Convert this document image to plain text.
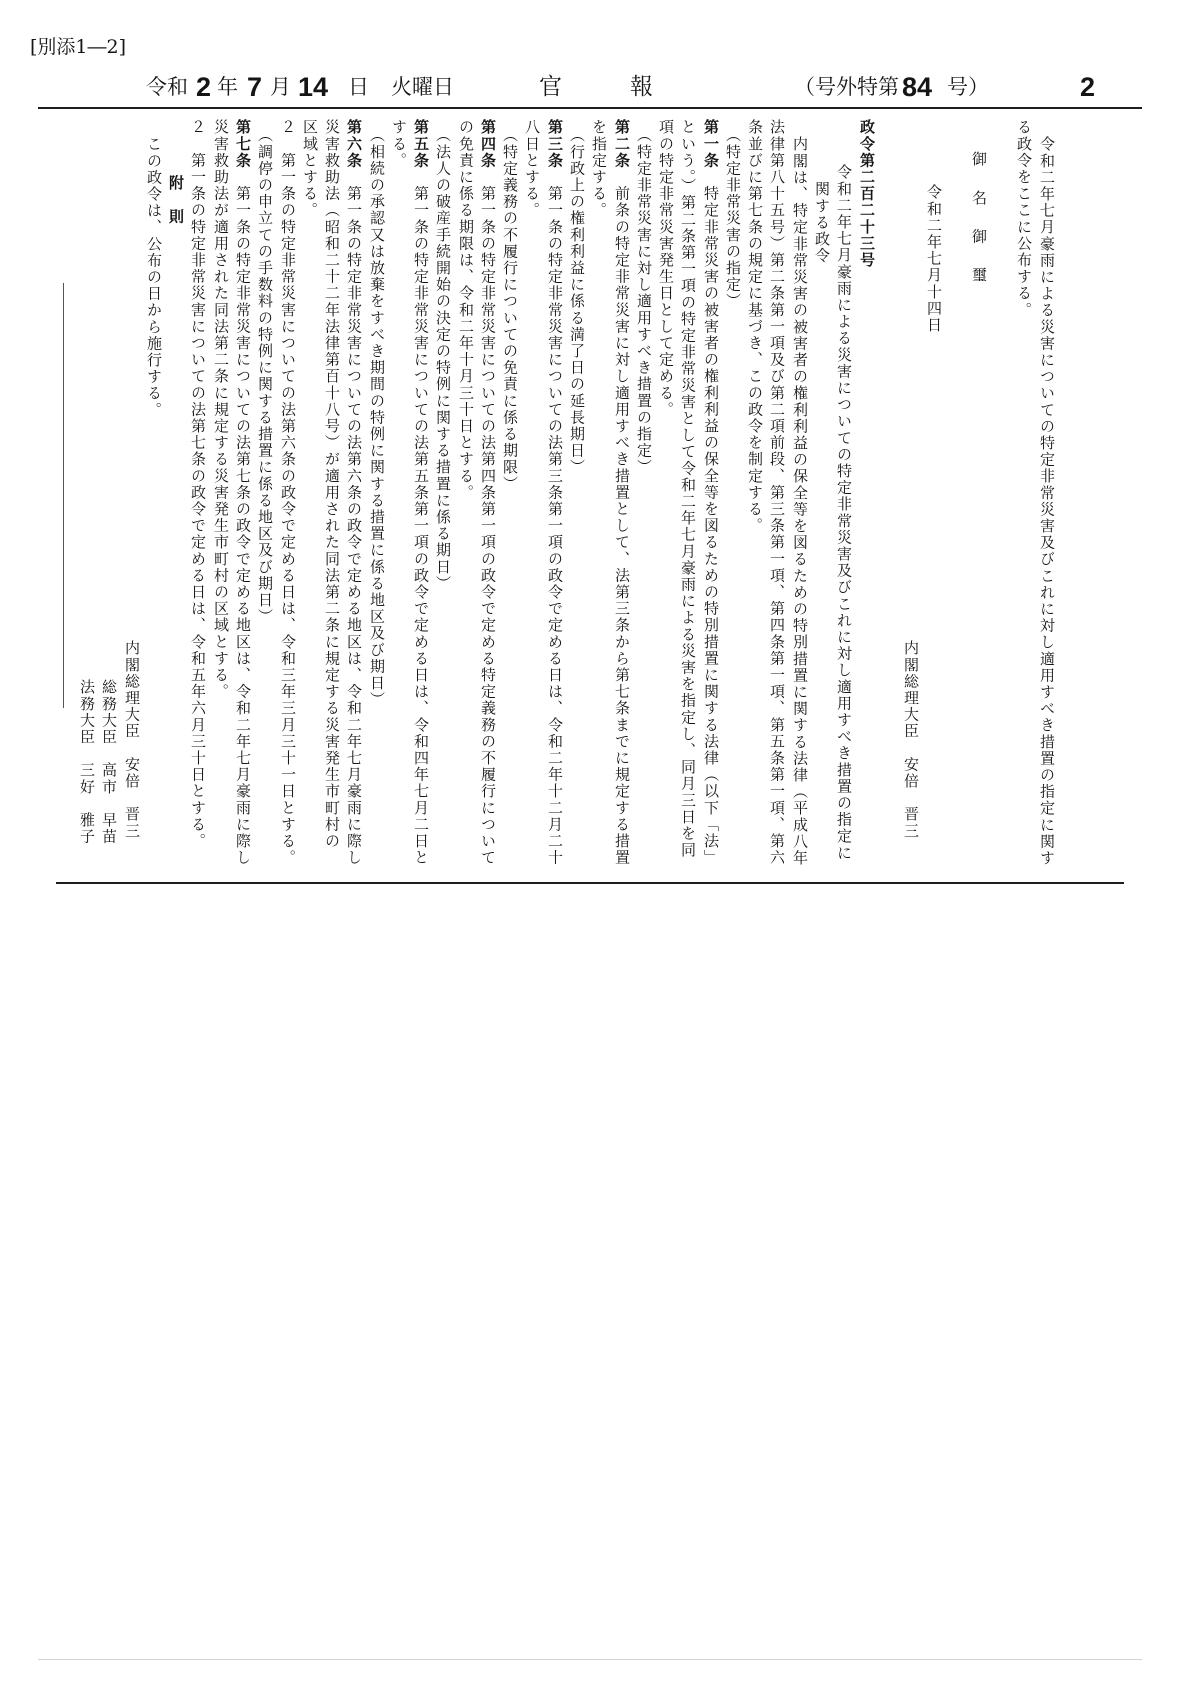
[別添1―2]
令和 2 年 7 月 14 日 火曜日	官	報	（号外特第 84 号）	2
令和二年七月豪雨による災害についての特定非常災害及びこれに対し適用すべき措置の指定に関す
る政令をここに公布する。
御　名　御　璽
令和二年七月十四日
内閣総理大臣　安倍　晋三
政令第二百二十三号
令和二年七月豪雨による災害についての特定非常災害及びこれに対し適用すべき措置の指定に
関する政令
内閣は、特定非常災害の被害者の権利利益の保全等を図るための特別措置に関する法律（平成八年
法律第八十五号）第二条第一項及び第二項前段、第三条第一項、第四条第一項、第五条第一項、第六
条並びに第七条の規定に基づき、この政令を制定する。
（特定非常災害の指定）
第一条　特定非常災害の被害者の権利利益の保全等を図るための特別措置に関する法律（以下「法」
という。）第二条第一項の特定非常災害として令和二年七月豪雨による災害を指定し、同月三日を同
項の特定非常災害発生日として定める。
（特定非常災害に対し適用すべき措置の指定）
第二条　前条の特定非常災害に対し適用すべき措置として、法第三条から第七条までに規定する措置
を指定する。
（行政上の権利利益に係る満了日の延長期日）
第三条　第一条の特定非常災害についての法第三条第一項の政令で定める日は、令和二年十二月二十
八日とする。
（特定義務の不履行についての免責に係る期限）
第四条　第一条の特定非常災害についての法第四条第一項の政令で定める特定義務の不履行について
の免責に係る期限は、令和二年十月三十日とする。
（法人の破産手続開始の決定の特例に関する措置に係る期日）
第五条　第一条の特定非常災害についての法第五条第一項の政令で定める日は、令和四年七月二日と
する。
（相続の承認又は放棄をすべき期間の特例に関する措置に係る地区及び期日）
第六条　第一条の特定非常災害についての法第六条の政令で定める地区は、令和二年七月豪雨に際し
災害救助法（昭和二十二年法律第百十八号）が適用された同法第二条に規定する災害発生市町村の
区域とする。
２　第一条の特定非常災害についての法第六条の政令で定める日は、令和三年三月三十一日とする。
（調停の申立ての手数料の特例に関する措置に係る地区及び期日）
第七条　第一条の特定非常災害についての法第七条の政令で定める地区は、令和二年七月豪雨に際し
災害救助法が適用された同法第二条に規定する災害発生市町村の区域とする。
２　第一条の特定非常災害についての法第七条の政令で定める日は、令和五年六月三十日とする。
附　則
この政令は、公布の日から施行する。
内閣総理大臣　安倍　晋三
総務大臣　高市　早苗
法務大臣　三好　雅子
